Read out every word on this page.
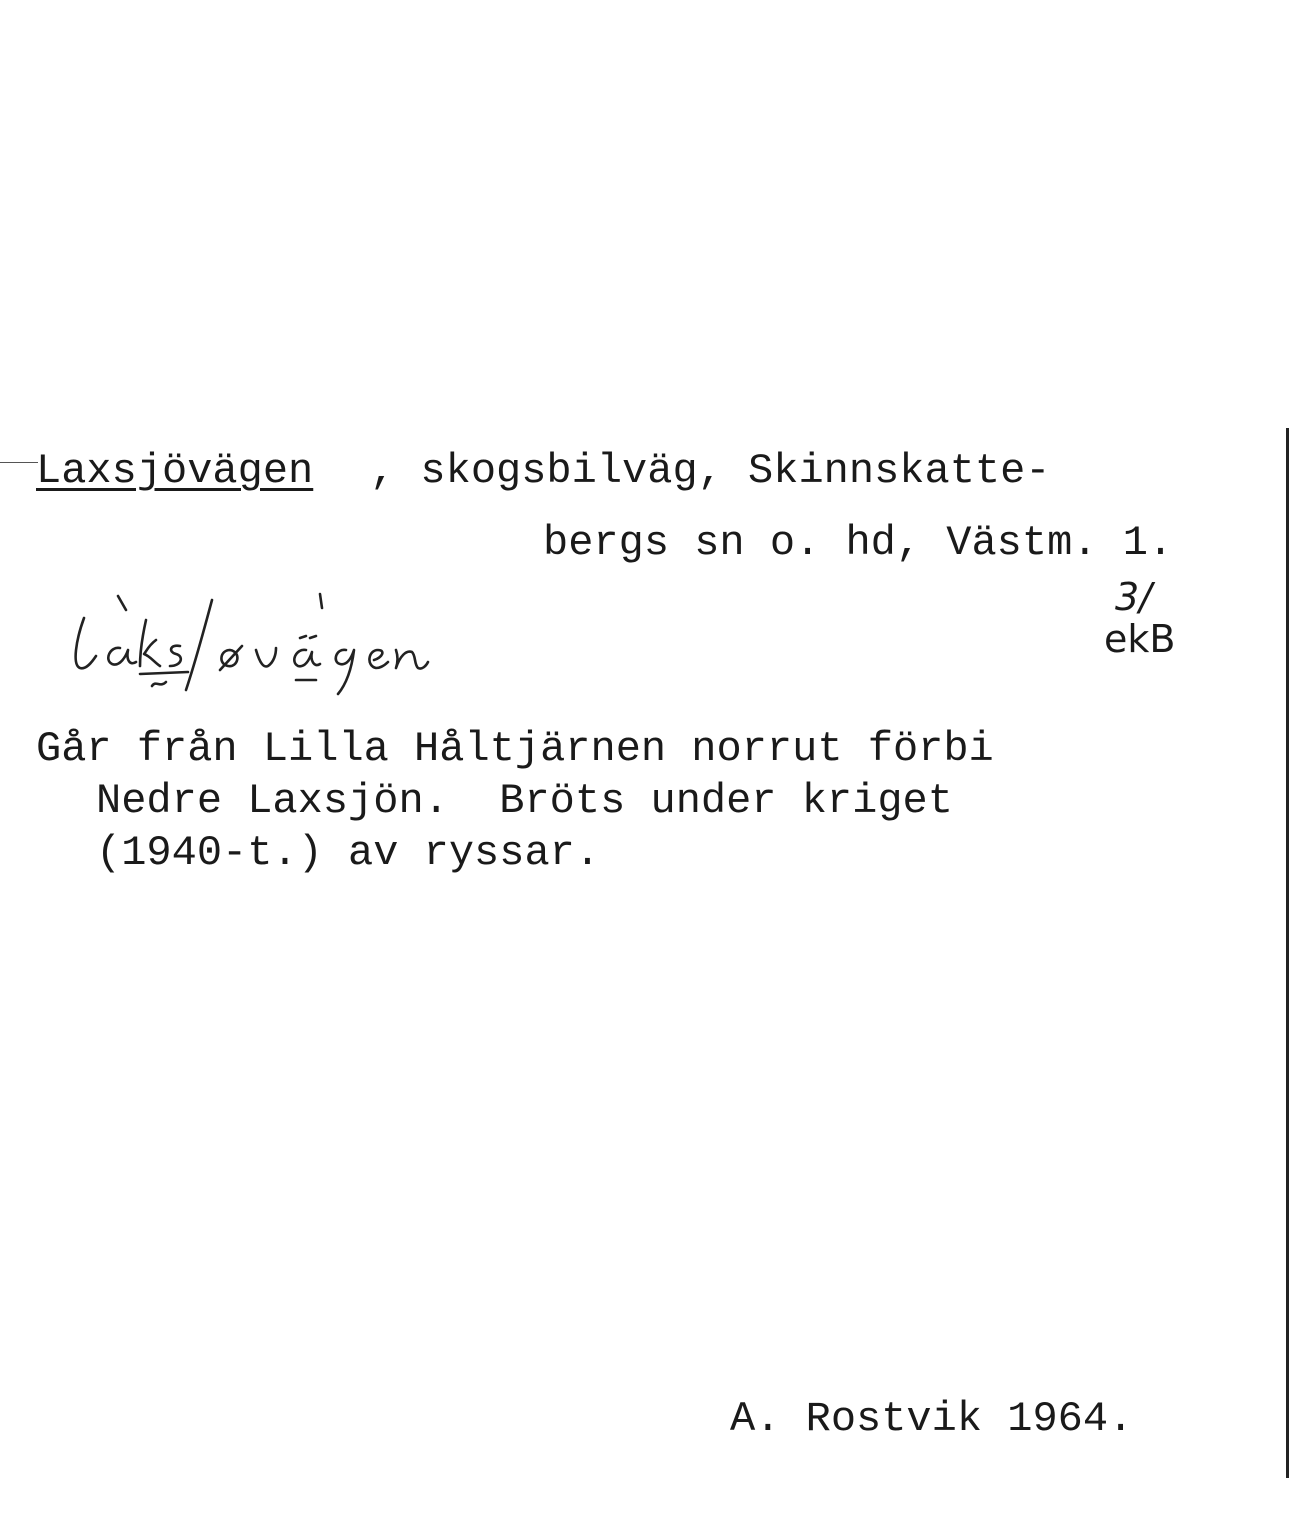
Laxsjövägen , skogsbilväg, Skinnskatte-
bergs sn o. hd, Västm. 1.
3/
ekB
Går från Lilla Håltjärnen norrut förbi
Nedre Laxsjön.  Bröts under kriget
(1940-t.) av ryssar.
A. Rostvik 1964.
